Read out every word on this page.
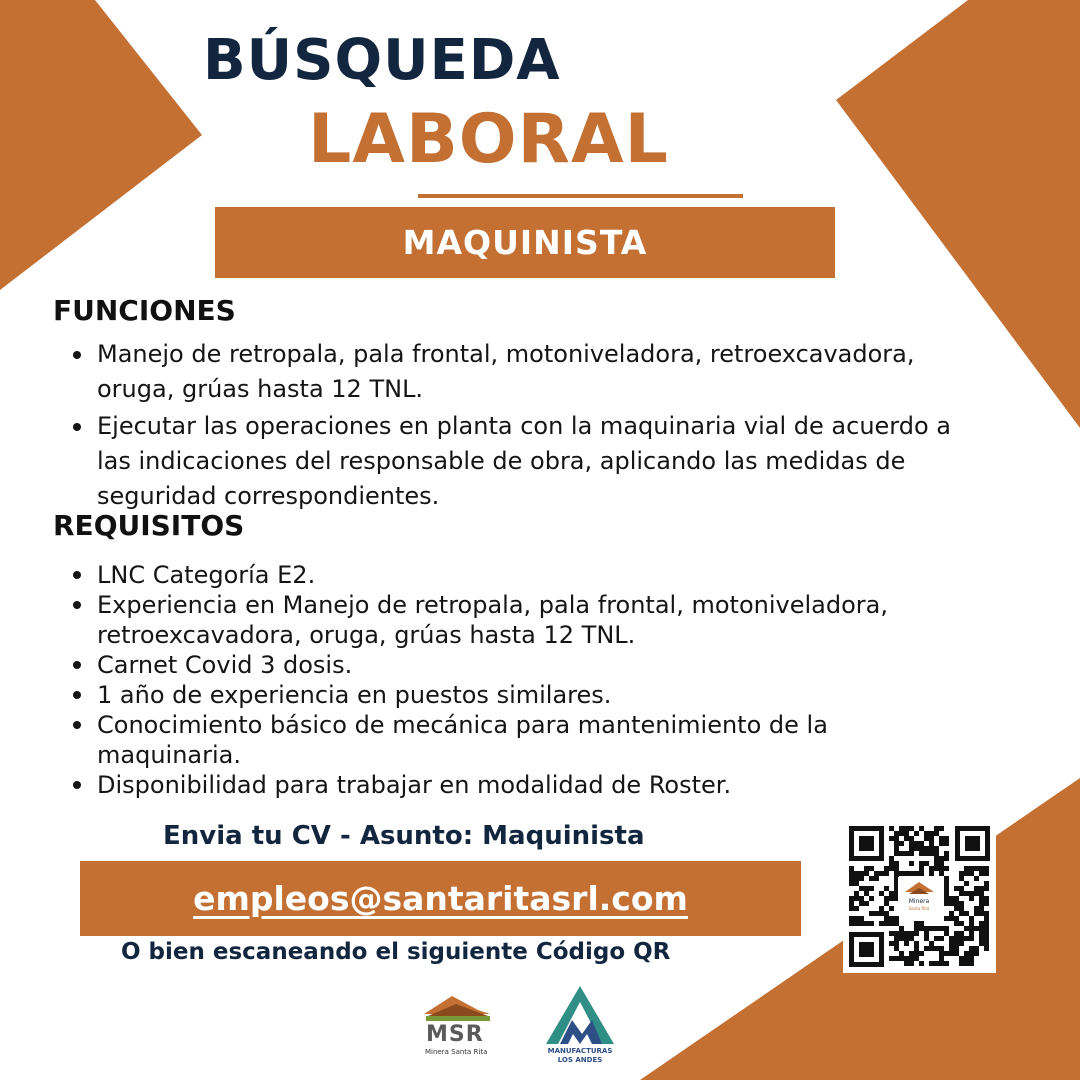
BÚSQUEDA
LABORAL
MAQUINISTA
FUNCIONES
Manejo de retropala, pala frontal, motoniveladora, retroexcavadora, oruga, grúas hasta 12 TNL.
Ejecutar las operaciones en planta con la maquinaria vial de acuerdo a las indicaciones del responsable de obra, aplicando las medidas de seguridad correspondientes.
REQUISITOS
LNC Categoría E2.
Experiencia en Manejo de retropala, pala frontal, motoniveladora, retroexcavadora, oruga, grúas hasta 12 TNL.
Carnet Covid 3 dosis.
1 año de experiencia en puestos similares.
Conocimiento básico de mecánica para mantenimiento de la maquinaria.
Disponibilidad para trabajar en modalidad de Roster.
Envia tu CV - Asunto: Maquinista
empleos@santaritasrl.com
O bien escaneando el siguiente Código QR
Minera
Santa Rita
MSR
Minera Santa Rita	MANUFACTURAS
LOS ANDES
